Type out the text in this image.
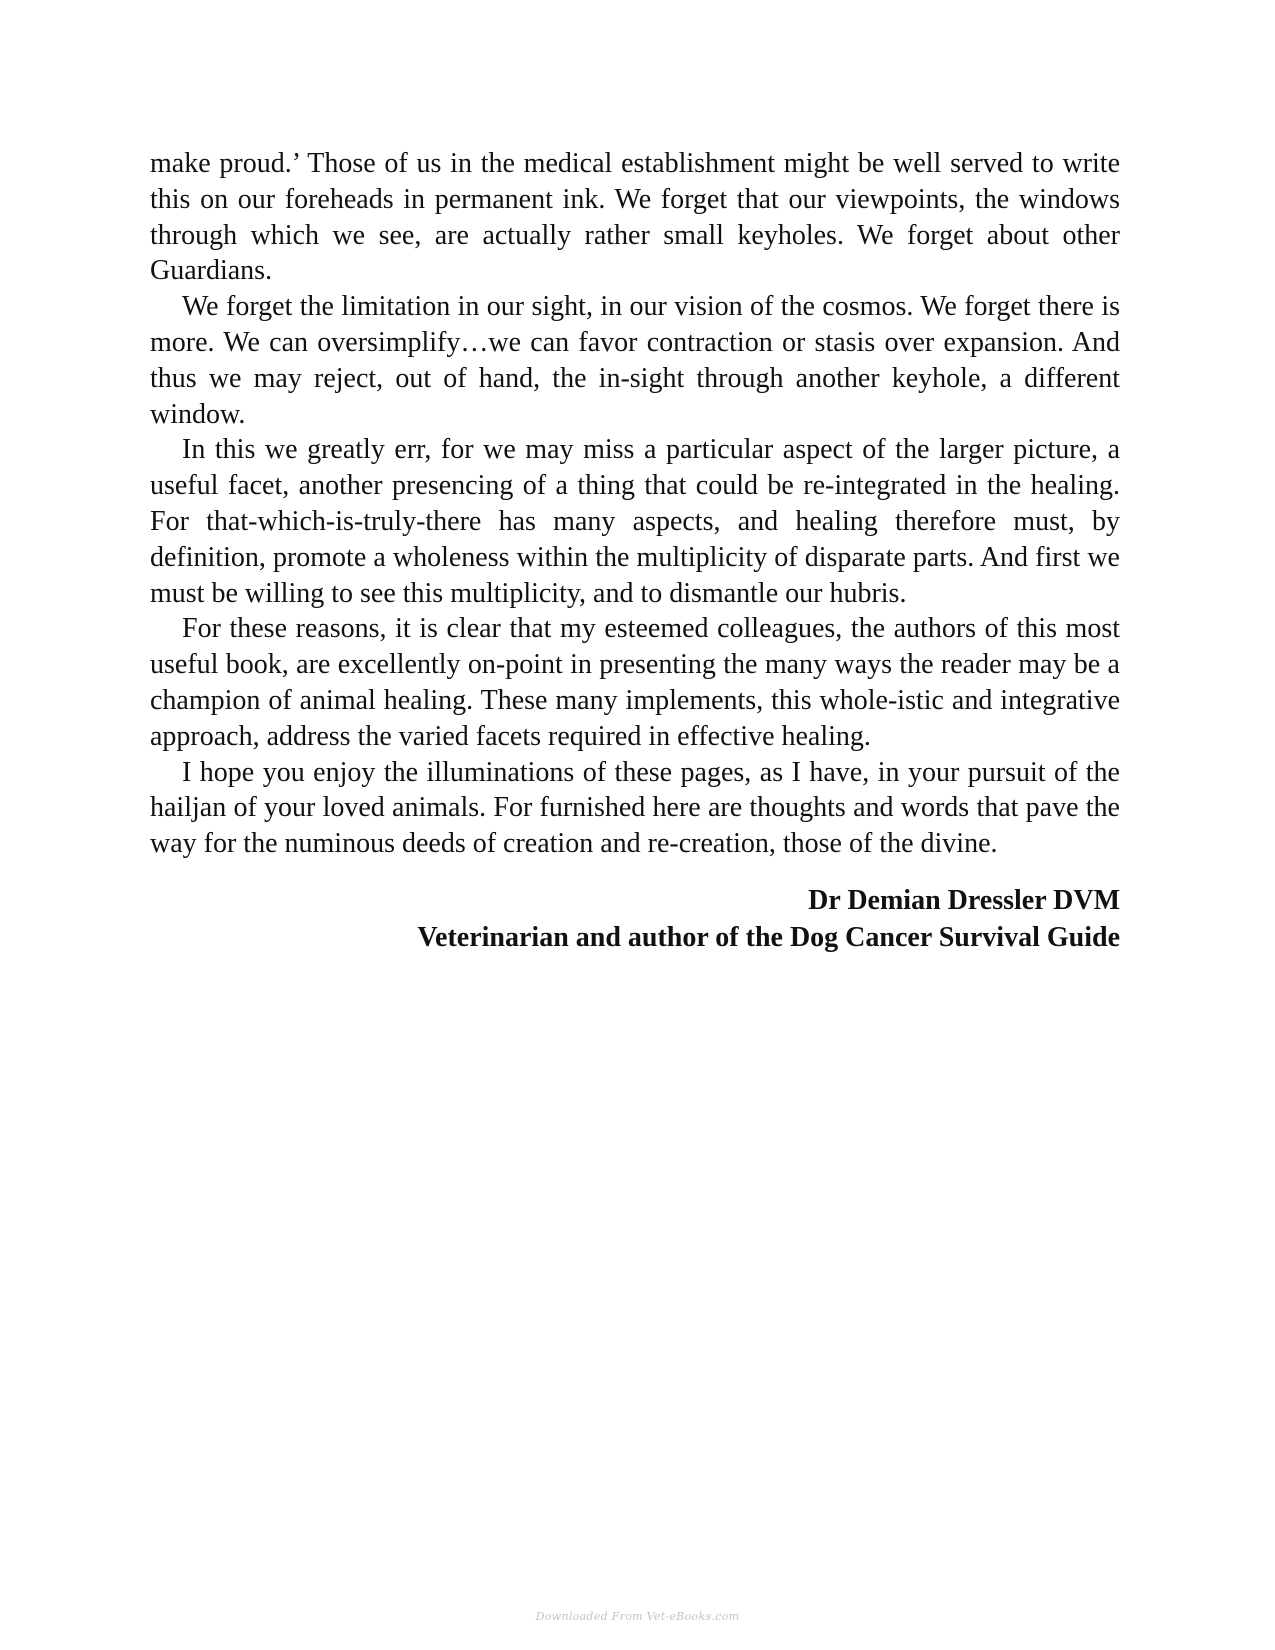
make proud.’ Those of us in the medical establishment might be well served to write this on our foreheads in permanent ink. We forget that our viewpoints, the windows through which we see, are actually rather small keyholes. We forget about other Guardians.

We forget the limitation in our sight, in our vision of the cosmos. We forget there is more. We can oversimplify…we can favor contraction or stasis over expansion. And thus we may reject, out of hand, the in-sight through another keyhole, a different window.

In this we greatly err, for we may miss a particular aspect of the larger picture, a useful facet, another presencing of a thing that could be re-integrated in the healing. For that-which-is-truly-there has many aspects, and healing therefore must, by definition, promote a wholeness within the multiplicity of disparate parts. And first we must be willing to see this multiplicity, and to dismantle our hubris.

For these reasons, it is clear that my esteemed colleagues, the authors of this most useful book, are excellently on-point in presenting the many ways the reader may be a champion of animal healing. These many implements, this whole-istic and integrative approach, address the varied facets required in effective healing.

I hope you enjoy the illuminations of these pages, as I have, in your pursuit of the hailjan of your loved animals. For furnished here are thoughts and words that pave the way for the numinous deeds of creation and re-creation, those of the divine.

Dr Demian Dressler DVM
Veterinarian and author of the Dog Cancer Survival Guide
Downloaded From Vet-eBooks.com
